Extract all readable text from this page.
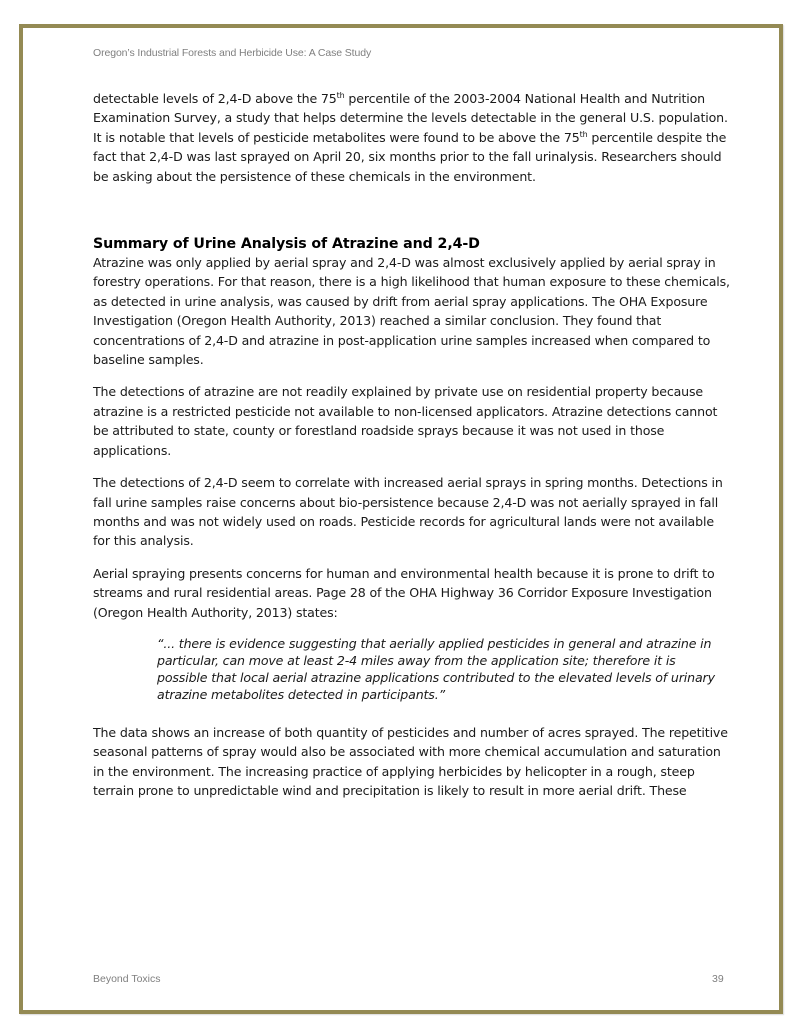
Oregon’s Industrial Forests and Herbicide Use: A Case Study

detectable levels of 2,4-D above the 75th percentile of the 2003-2004 National Health and Nutrition Examination Survey, a study that helps determine the levels detectable in the general U.S. population. It is notable that levels of pesticide metabolites were found to be above the 75th percentile despite the fact that 2,4-D was last sprayed on April 20, six months prior to the fall urinalysis. Researchers should be asking about the persistence of these chemicals in the environment.

Summary of Urine Analysis of Atrazine and 2,4-D

Atrazine was only applied by aerial spray and 2,4-D was almost exclusively applied by aerial spray in forestry operations. For that reason, there is a high likelihood that human exposure to these chemicals, as detected in urine analysis, was caused by drift from aerial spray applications. The OHA Exposure Investigation (Oregon Health Authority, 2013) reached a similar conclusion. They found that concentrations of 2,4-D and atrazine in post-application urine samples increased when compared to baseline samples.

The detections of atrazine are not readily explained by private use on residential property because atrazine is a restricted pesticide not available to non-licensed applicators. Atrazine detections cannot be attributed to state, county or forestland roadside sprays because it was not used in those applications.

The detections of 2,4-D seem to correlate with increased aerial sprays in spring months. Detections in fall urine samples raise concerns about bio-persistence because 2,4-D was not aerially sprayed in fall months and was not widely used on roads. Pesticide records for agricultural lands were not available for this analysis.

Aerial spraying presents concerns for human and environmental health because it is prone to drift to streams and rural residential areas. Page 28 of the OHA Highway 36 Corridor Exposure Investigation (Oregon Health Authority, 2013) states:

“... there is evidence suggesting that aerially applied pesticides in general and atrazine in particular, can move at least 2-4 miles away from the application site; therefore it is possible that local aerial atrazine applications contributed to the elevated levels of urinary atrazine metabolites detected in participants.”

The data shows an increase of both quantity of pesticides and number of acres sprayed. The repetitive seasonal patterns of spray would also be associated with more chemical accumulation and saturation in the environment. The increasing practice of applying herbicides by helicopter in a rough, steep terrain prone to unpredictable wind and precipitation is likely to result in more aerial drift. These

Beyond Toxics	39
